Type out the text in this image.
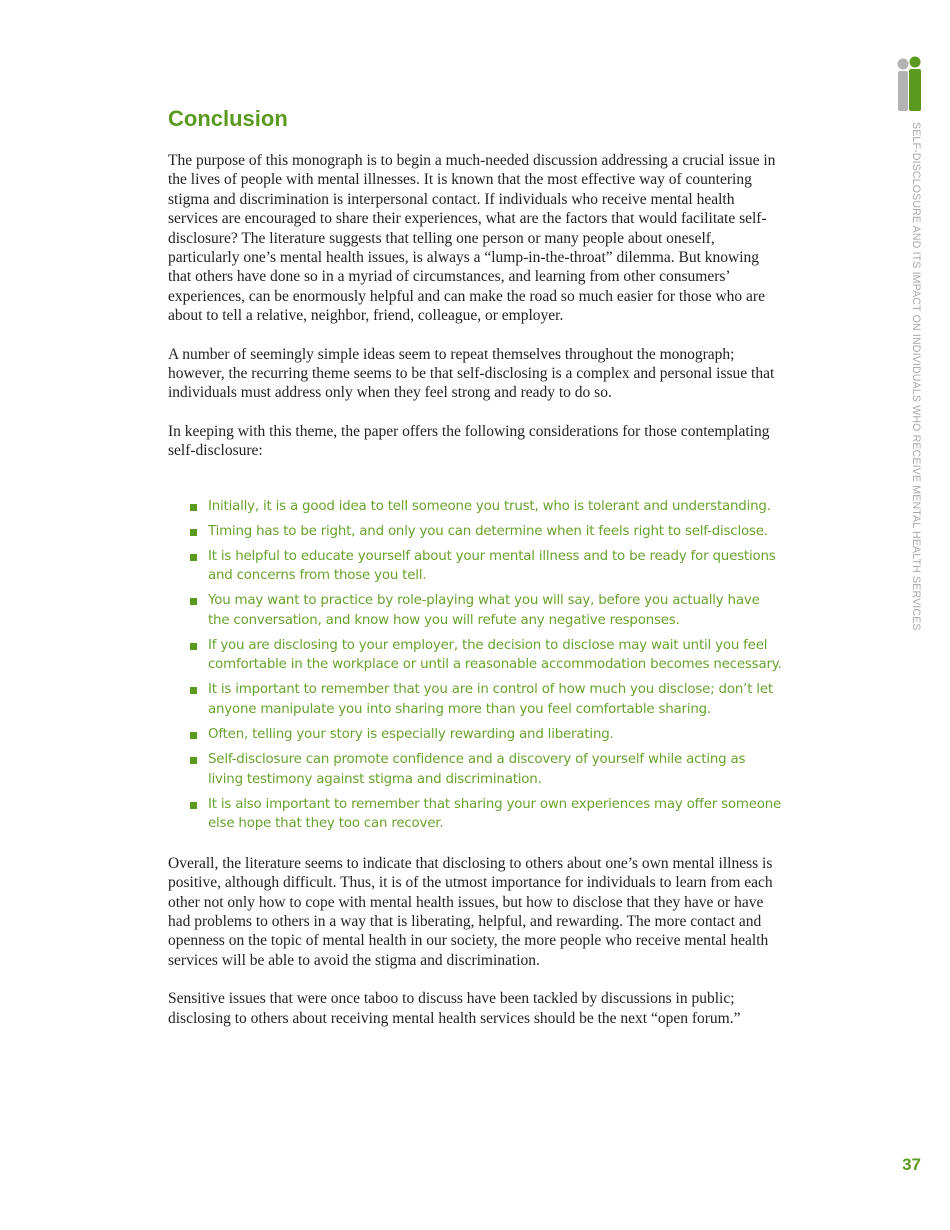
SELF-DISCLOSURE AND ITS IMPACT ON INDIVIDUALS WHO RECEIVE MENTAL HEALTH SERVICES
Conclusion

The purpose of this monograph is to begin a much-needed discussion addressing a crucial issue in the lives of people with mental illnesses. It is known that the most effective way of countering stigma and discrimination is interpersonal contact. If individuals who receive mental health services are encouraged to share their experiences, what are the factors that would facilitate self-disclosure? The literature suggests that telling one person or many people about oneself, particularly one’s mental health issues, is always a “lump-in-the-throat” dilemma. But knowing that others have done so in a myriad of circumstances, and learning from other consumers’ experiences, can be enormously helpful and can make the road so much easier for those who are about to tell a relative, neighbor, friend, colleague, or employer.

A number of seemingly simple ideas seem to repeat themselves throughout the monograph; however, the recurring theme seems to be that self-disclosing is a complex and personal issue that individuals must address only when they feel strong and ready to do so.

In keeping with this theme, the paper offers the following considerations for those contemplating self-disclosure:

Initially, it is a good idea to tell someone you trust, who is tolerant and understanding.
Timing has to be right, and only you can determine when it feels right to self-disclose.
It is helpful to educate yourself about your mental illness and to be ready for questions and concerns from those you tell.
You may want to practice by role-playing what you will say, before you actually have the conversation, and know how you will refute any negative responses.
If you are disclosing to your employer, the decision to disclose may wait until you feel comfortable in the workplace or until a reasonable accommodation becomes necessary.
It is important to remember that you are in control of how much you disclose; don’t let anyone manipulate you into sharing more than you feel comfortable sharing.
Often, telling your story is especially rewarding and liberating.
Self-disclosure can promote confidence and a discovery of yourself while acting as living testimony against stigma and discrimination.
It is also important to remember that sharing your own experiences may offer someone else hope that they too can recover.

Overall, the literature seems to indicate that disclosing to others about one’s own mental illness is positive, although difficult. Thus, it is of the utmost importance for individuals to learn from each other not only how to cope with mental health issues, but how to disclose that they have or have had problems to others in a way that is liberating, helpful, and rewarding. The more contact and openness on the topic of mental health in our society, the more people who receive mental health services will be able to avoid the stigma and discrimination.

Sensitive issues that were once taboo to discuss have been tackled by discussions in public; disclosing to others about receiving mental health services should be the next “open forum.”

37
